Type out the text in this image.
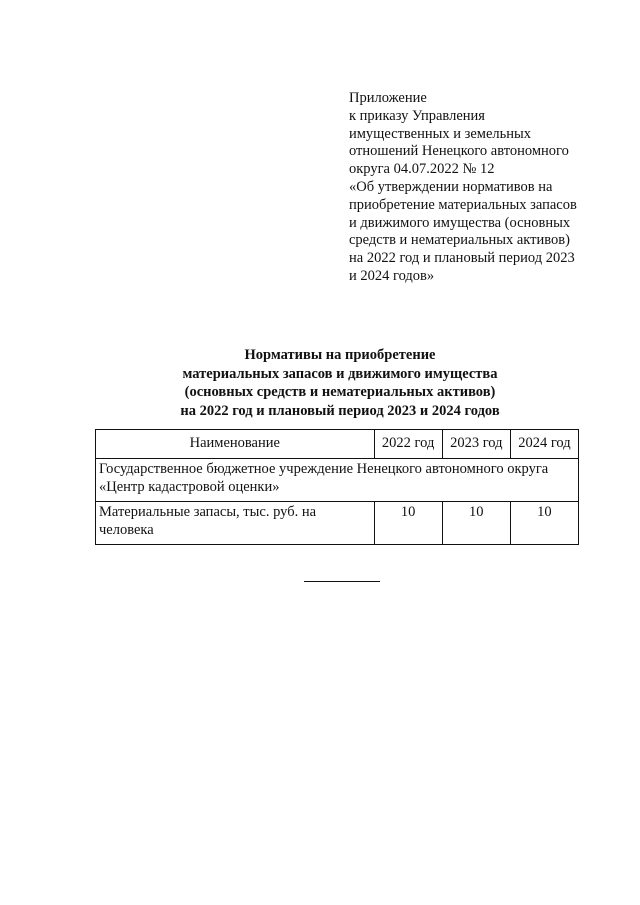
Приложение
к приказу Управления
имущественных и земельных
отношений Ненецкого автономного
округа 04.07.2022 № 12
«Об утверждении нормативов на
приобретение материальных запасов
и движимого имущества (основных
средств и нематериальных активов)
на 2022 год и плановый период 2023
и 2024 годов»
Нормативы на приобретение
материальных запасов и движимого имущества
(основных средств и нематериальных активов)
на 2022 год и плановый период 2023 и 2024 годов
Наименование	2022 год	2023 год	2024 год
Государственное бюджетное учреждение Ненецкого автономного округа «Центр кадастровой оценки»			
Материальные запасы, тыс. руб. на человека	10	10	10
